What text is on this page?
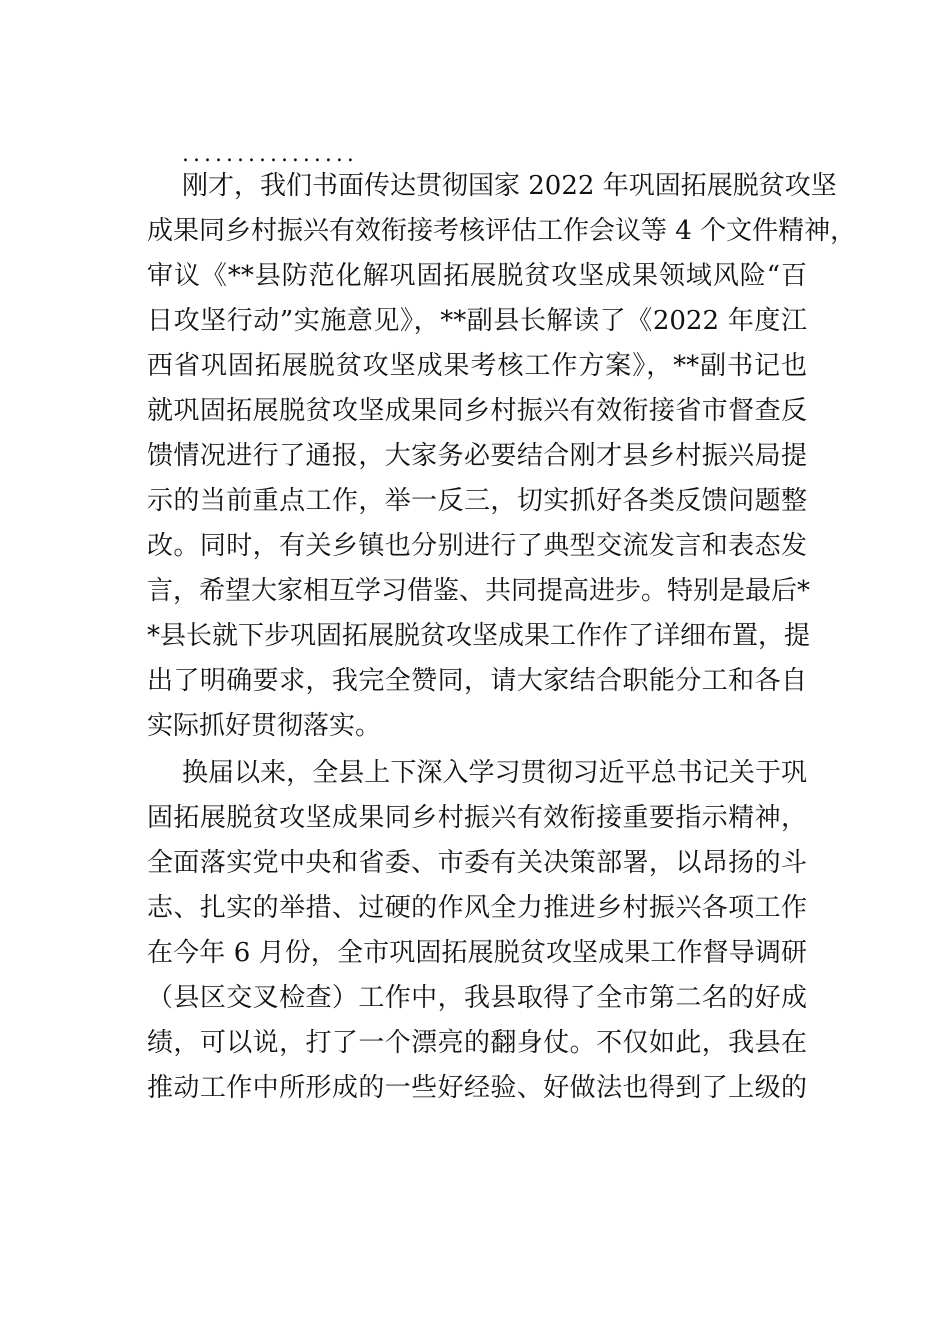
................
刚才，我们书面传达贯彻国家 2022 年巩固拓展脱贫攻坚
成果同乡村振兴有效衔接考核评估工作会议等 4 个文件精神，
审议《**县防范化解巩固拓展脱贫攻坚成果领域风险“百
日攻坚行动”实施意见》，**副县长解读了《2022 年度江
西省巩固拓展脱贫攻坚成果考核工作方案》，**副书记也
就巩固拓展脱贫攻坚成果同乡村振兴有效衔接省市督查反
馈情况进行了通报，大家务必要结合刚才县乡村振兴局提
示的当前重点工作，举一反三，切实抓好各类反馈问题整
改。同时，有关乡镇也分别进行了典型交流发言和表态发
言，希望大家相互学习借鉴、共同提高进步。特别是最后*
*县长就下步巩固拓展脱贫攻坚成果工作作了详细布置，提
出了明确要求，我完全赞同，请大家结合职能分工和各自
实际抓好贯彻落实。
换届以来，全县上下深入学习贯彻习近平总书记关于巩
固拓展脱贫攻坚成果同乡村振兴有效衔接重要指示精神，
全面落实党中央和省委、市委有关决策部署，以昂扬的斗
志、扎实的举措、过硬的作风全力推进乡村振兴各项工作
在今年 6 月份，全市巩固拓展脱贫攻坚成果工作督导调研
（县区交叉检查）工作中，我县取得了全市第二名的好成
绩，可以说，打了一个漂亮的翻身仗。不仅如此，我县在
推动工作中所形成的一些好经验、好做法也得到了上级的
